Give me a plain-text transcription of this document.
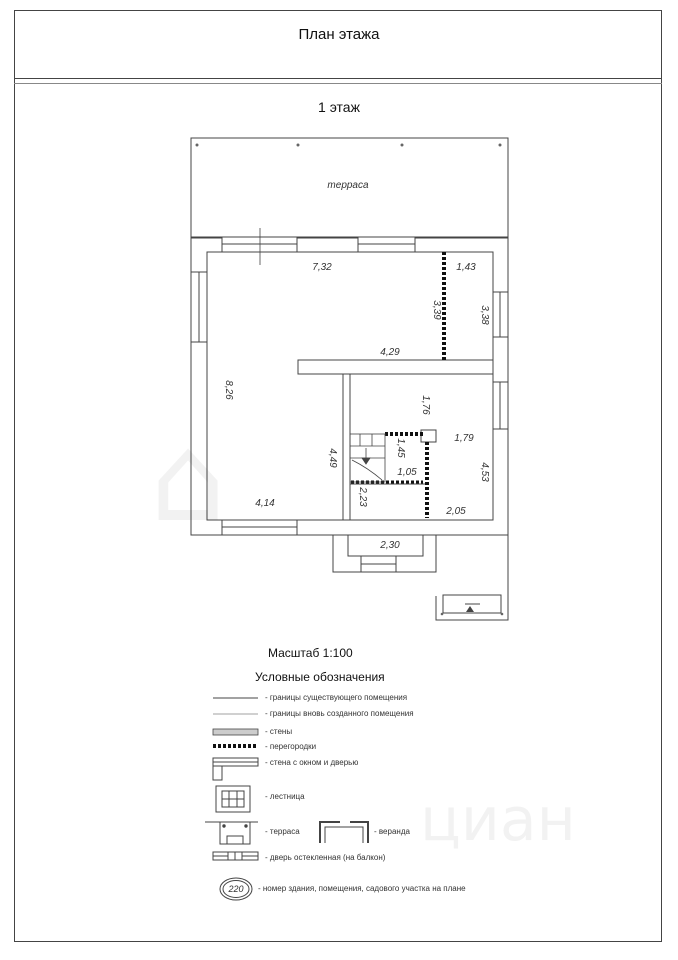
План этажа
1 этаж
терраса
7,32	1,43
3,39	3,38
4,29
8,26
1,76
1,45	1,79
4,49
1,05	4,53
2,23
4,14
2,05
2,30
220
⌂
циан
Масштаб 1:100
Условные обозначения
- границы существующего помещения
- границы вновь созданного помещения
- стены
- перегородки
- стена с окном и дверью
- лестница
- терраса	- веранда
- дверь остекленная (на балкон)
- номер здания, помещения, садового участка на плане
